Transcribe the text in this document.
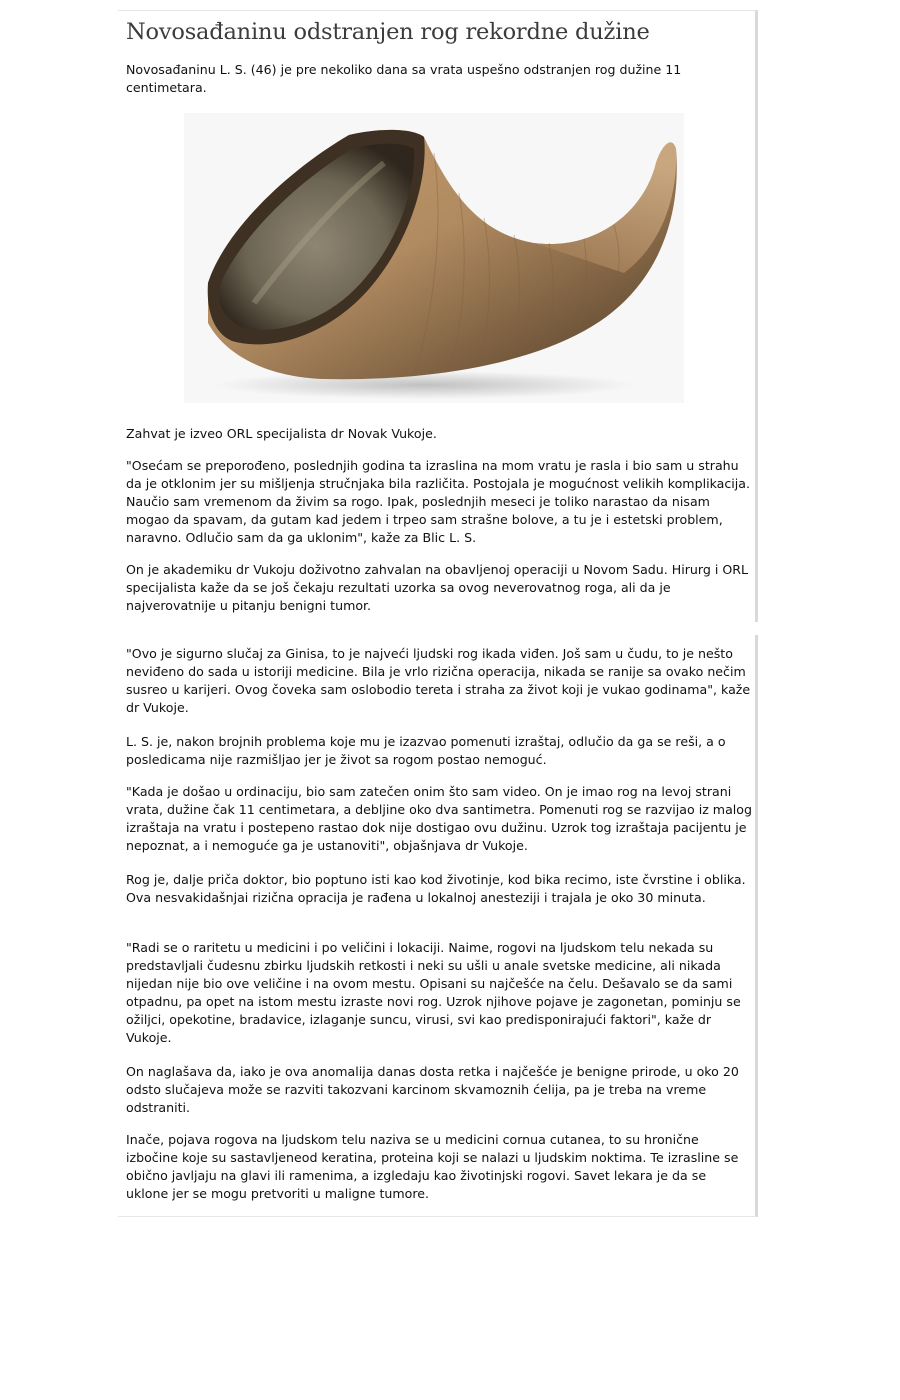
Novosađaninu odstranjen rog rekordne dužine

Novosađaninu L. S. (46) je pre nekoliko dana sa vrata uspešno odstranjen rog dužine 11 centimetara.

Zahvat je izveo ORL specijalista dr Novak Vukoje.

"Osećam se preporođeno, poslednjih godina ta izraslina na mom vratu je rasla i bio sam u strahu da je otklonim jer su mišljenja stručnjaka bila različita. Postojala je mogućnost velikih komplikacija. Naučio sam vremenom da živim sa rogo. Ipak, poslednjih meseci je toliko narastao da nisam mogao da spavam, da gutam kad jedem i trpeo sam strašne bolove, a tu je i estetski problem, naravno. Odlučio sam da ga uklonim", kaže za Blic L. S.

On je akademiku dr Vukoju doživotno zahvalan na obavljenoj operaciji u Novom Sadu. Hirurg i ORL specijalista kaže da se još čekaju rezultati uzorka sa ovog neverovatnog roga, ali da je najverovatnije u pitanju benigni tumor.

"Ovo je sigurno slučaj za Ginisa, to je najveći ljudski rog ikada viđen. Još sam u čudu, to je nešto neviđeno do sada u istoriji medicine. Bila je vrlo rizična operacija, nikada se ranije sa ovako nečim susreo u karijeri. Ovog čoveka sam oslobodio tereta i straha za život koji je vukao godinama", kaže dr Vukoje.

L. S. je, nakon brojnih problema koje mu je izazvao pomenuti izraštaj, odlučio da ga se reši, a o posledicama nije razmišljao jer je život sa rogom postao nemoguć.

"Kada je došao u ordinaciju, bio sam zatečen onim što sam video. On je imao rog na levoj strani vrata, dužine čak 11 centimetara, a debljine oko dva santimetra. Pomenuti rog se razvijao iz malog izraštaja na vratu i postepeno rastao dok nije dostigao ovu dužinu. Uzrok tog izraštaja pacijentu je nepoznat, a i nemoguće ga je ustanoviti", objašnjava dr Vukoje.

Rog je, dalje priča doktor, bio poptuno isti kao kod životinje, kod bika recimo, iste čvrstine i oblika. Ova nesvakidašnjai rizična opracija je rađena u lokalnoj anesteziji i trajala je oko 30 minuta.

"Radi se o raritetu u medicini i po veličini i lokaciji. Naime, rogovi na ljudskom telu nekada su predstavljali čudesnu zbirku ljudskih retkosti i neki su ušli u anale svetske medicine, ali nikada nijedan nije bio ove veličine i na ovom mestu. Opisani su najčešće na čelu. Dešavalo se da sami otpadnu, pa opet na istom mestu izraste novi rog. Uzrok njihove pojave je zagonetan, pominju se ožiljci, opekotine, bradavice, izlaganje suncu, virusi, svi kao predisponirajući faktori", kaže dr Vukoje.

On naglašava da, iako je ova anomalija danas dosta retka i najčešće je benigne prirode, u oko 20 odsto slučajeva može se razviti takozvani karcinom skvamoznih ćelija, pa je treba na vreme odstraniti.

Inače, pojava rogova na ljudskom telu naziva se u medicini cornua cutanea, to su hronične izbočine koje su sastavljeneod keratina, proteina koji se nalazi u ljudskim noktima. Te izrasline se obično javljaju na glavi ili ramenima, a izgledaju kao životinjski rogovi. Savet lekara je da se uklone jer se mogu pretvoriti u maligne tumore.
